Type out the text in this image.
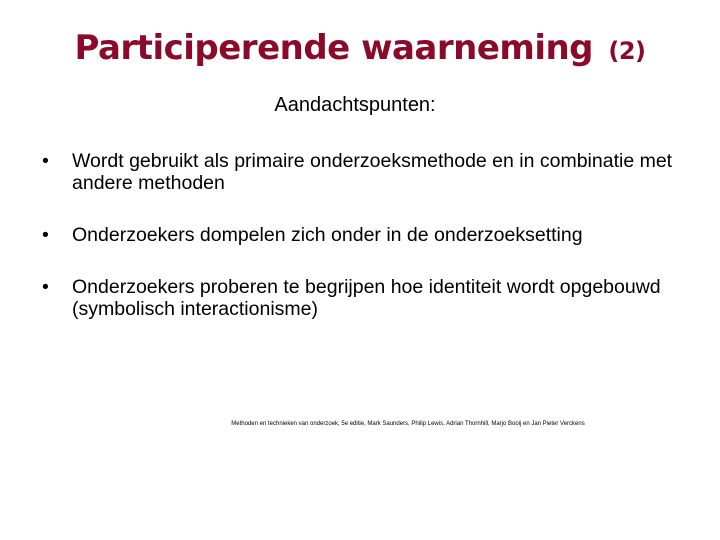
Participerende waarneming (2)
Aandachtspunten:
•	Wordt gebruikt als primaire onderzoeksmethode en in combinatie met andere methoden
•	Onderzoekers dompelen zich onder in de onderzoeksetting
•	Onderzoekers proberen te begrijpen hoe identiteit wordt opgebouwd (symbolisch interactionisme)
Methoden en technieken van onderzoek, 5e editie, Mark Saunders, Philip Lewis, Adrian Thornhill, Marjo Booij en Jan Pieter Verckens
